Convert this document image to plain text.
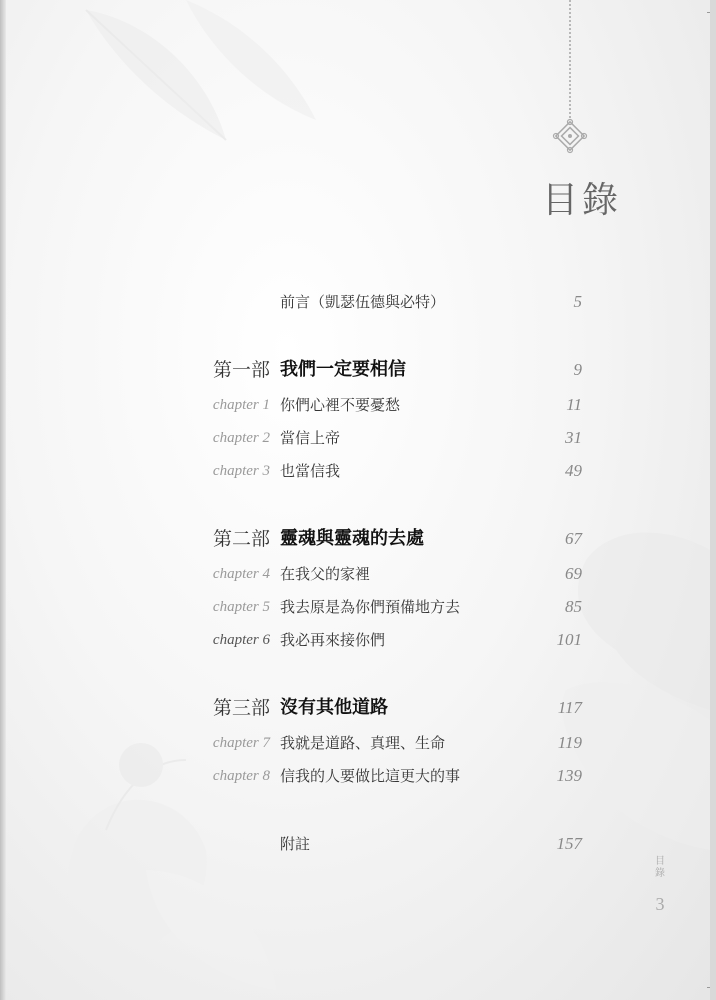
目錄
前言（凱瑟伍德與必特）	5
第一部 我們一定要相信	9
chapter 1 你們心裡不要憂愁	11
chapter 2 當信上帝	31
chapter 3 也當信我	49
第二部 靈魂與靈魂的去處	67
chapter 4 在我父的家裡	69
chapter 5 我去原是為你們預備地方去	85
chapter 6 我必再來接你們	101
第三部 沒有其他道路	117
chapter 7 我就是道路、真理、生命	119
chapter 8 信我的人要做比這更大的事	139
附註	157
目錄
3
